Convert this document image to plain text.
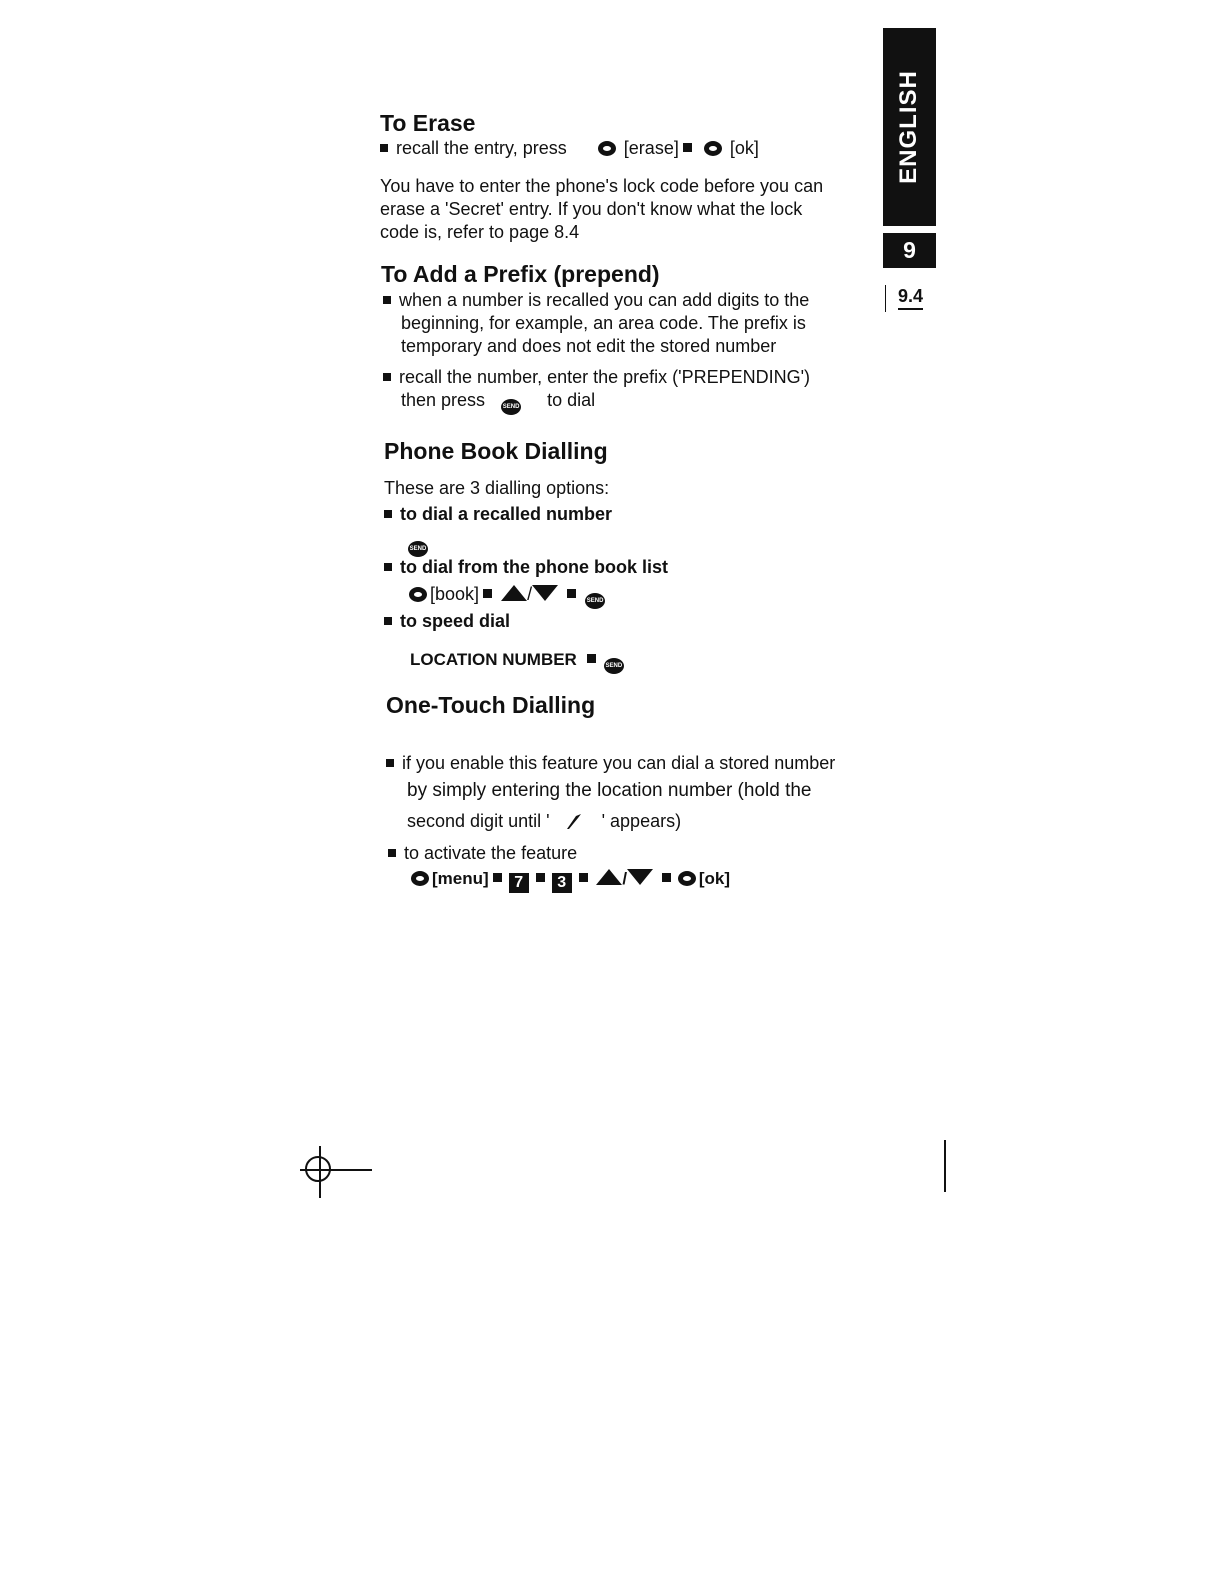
ENGLISH
9
9.4
To Erase
recall the entry, press	[erase]	[ok]
You have to enter the phone's lock code before you can
erase a 'Secret' entry. If you don't know what the lock
code is, refer to page 8.4
To Add a Prefix (prepend)
when a number is recalled you can add digits to the
beginning, for example, an area code. The prefix is
temporary and does not edit the stored number
recall the number, enter the prefix ('PREPENDING')
then press	SEND to dial
Phone Book Dialling
These are 3 dialling options:
to dial a recalled number
SEND
to dial from the phone book list
[book]	/	SEND
to speed dial
LOCATION NUMBER	SEND
One-Touch Dialling
if you enable this feature you can dial a stored number
by simply entering the location number (hold the
second digit until '	' appears)
to activate the feature
[menu] 7 3	/	[ok]
